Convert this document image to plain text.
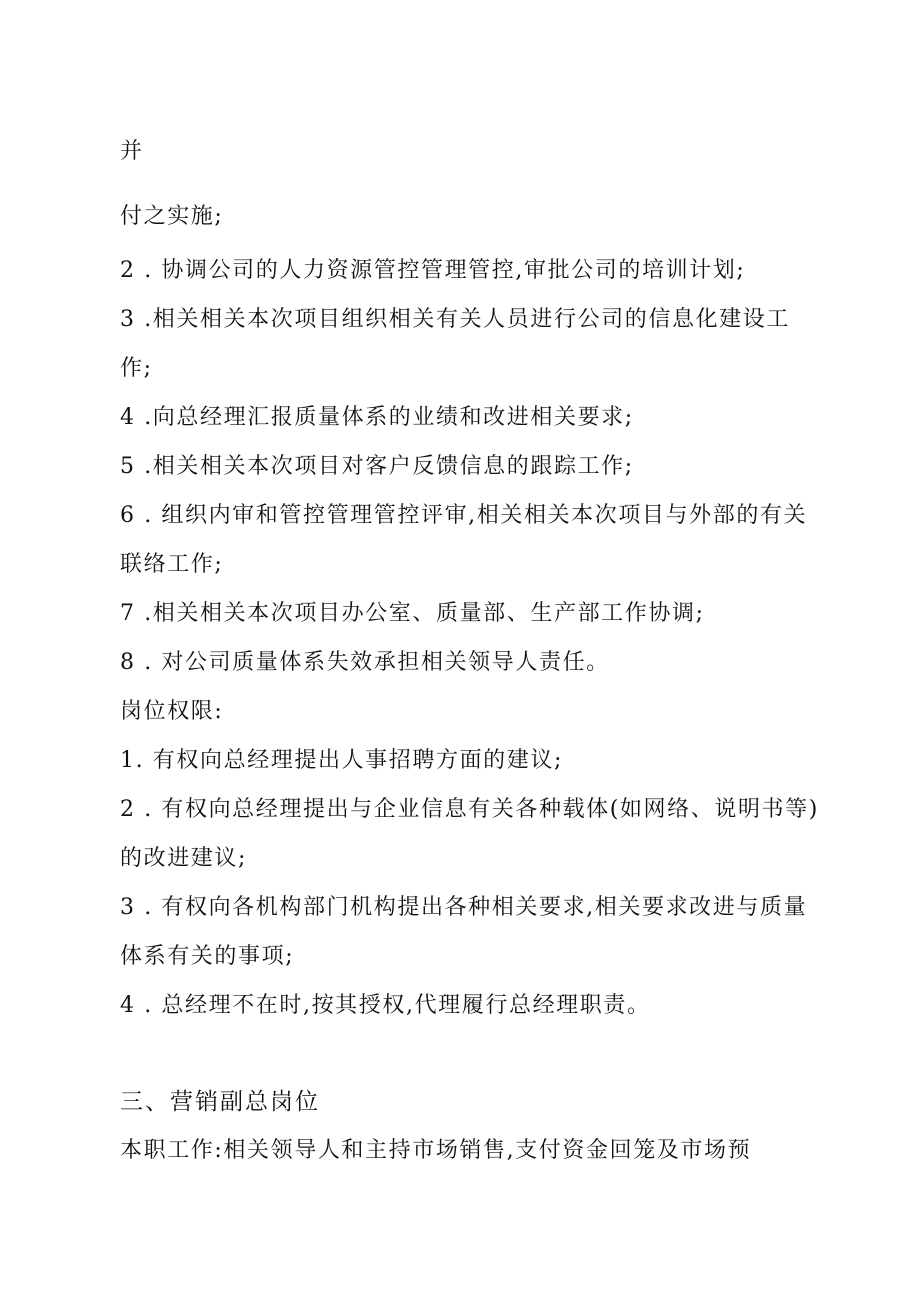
并
付之实施;
2 . 协调公司的人力资源管控管理管控,审批公司的培训计划;
3 .相关相关本次项目组织相关有关人员进行公司的信息化建设工
作;
4 .向总经理汇报质量体系的业绩和改进相关要求;
5 .相关相关本次项目对客户反馈信息的跟踪工作;
6 . 组织内审和管控管理管控评审,相关相关本次项目与外部的有关
联络工作;
7 .相关相关本次项目办公室、质量部、生产部工作协调;
8 . 对公司质量体系失效承担相关领导人责任。
岗位权限:
1. 有权向总经理提出人事招聘方面的建议;
2 . 有权向总经理提出与企业信息有关各种载体(如网络、说明书等)
的改进建议;
3 . 有权向各机构部门机构提出各种相关要求,相关要求改进与质量
体系有关的事项;
4 . 总经理不在时,按其授权,代理履行总经理职责。
三、营销副总岗位
本职工作:相关领导人和主持市场销售,支付资金回笼及市场预
